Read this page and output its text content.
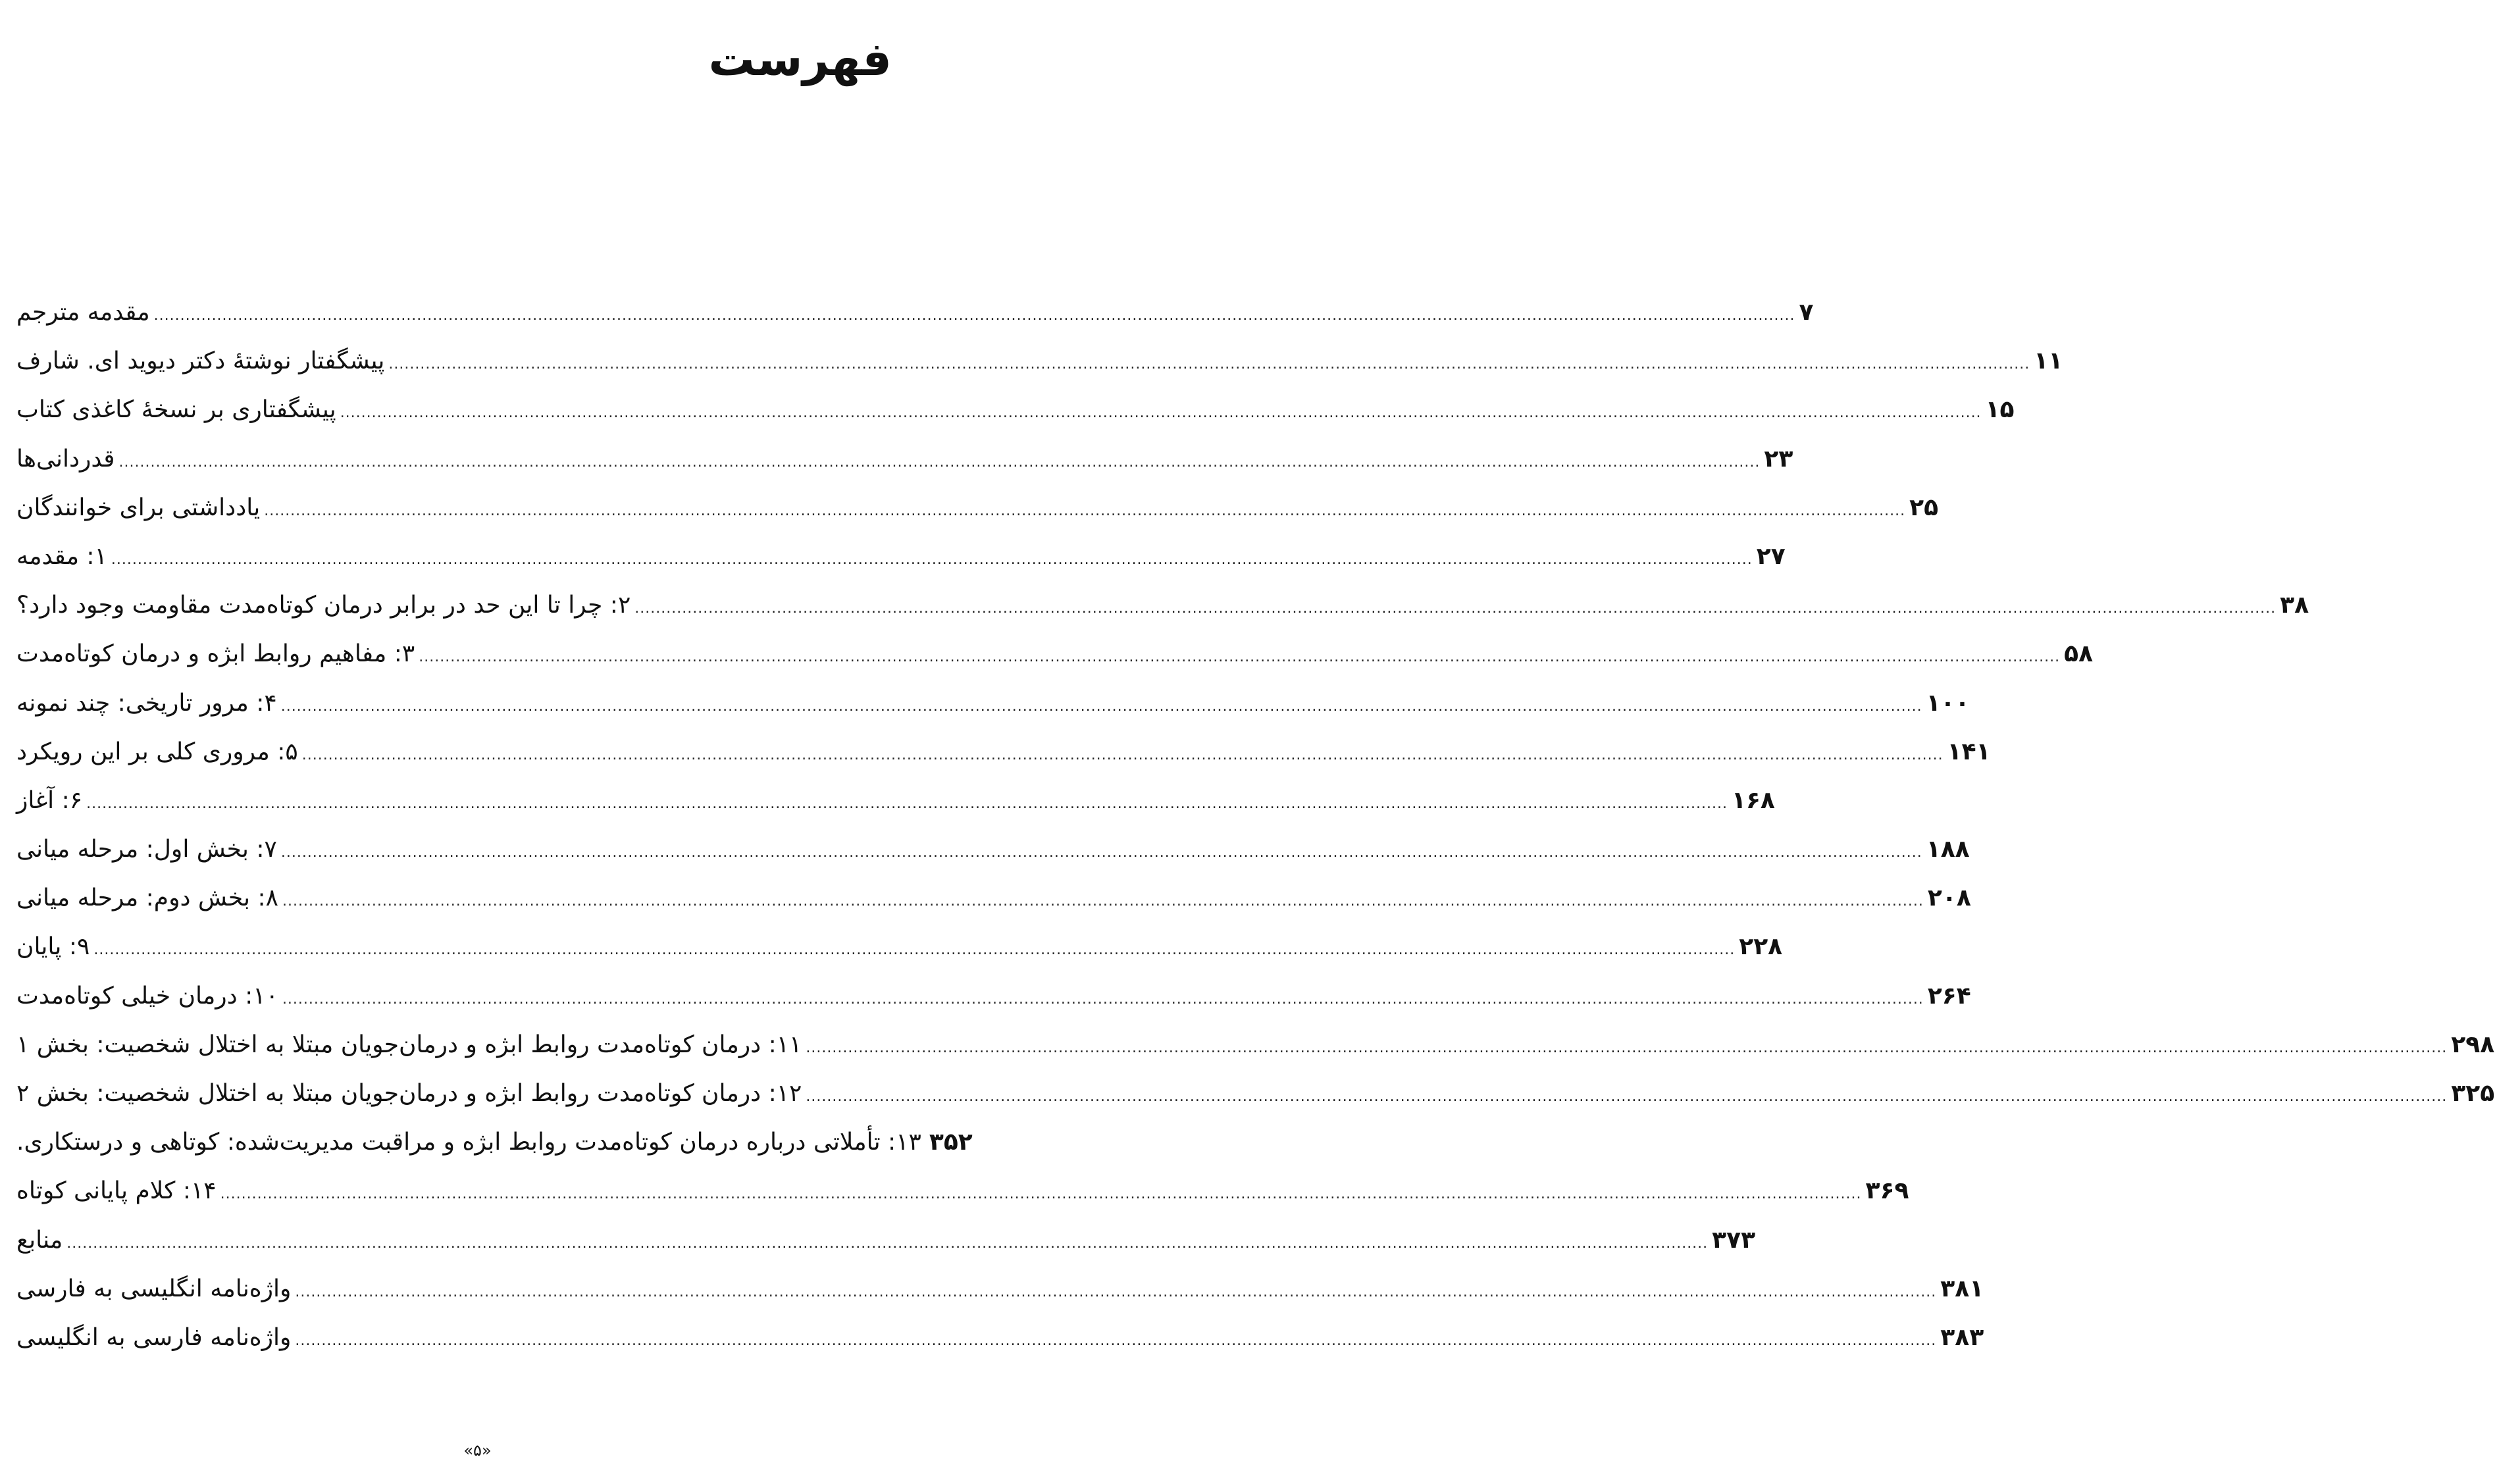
فهرست
مقدمه مترجم .....	۷
پیشگفتار نوشتهٔ دکتر دیوید ای. شارف .....	۱۱
پیشگفتاری بر نسخهٔ کاغذی کتاب .....	۱۵
قدردانی‌ها .....	۲۳
یادداشتی برای خوانندگان .....	۲۵
۱: مقدمه .....	۲۷
۲: چرا تا این حد در برابر درمان کوتاه‌مدت مقاومت وجود دارد؟ .....	۳۸
۳: مفاهیم روابط ابژه و درمان کوتاه‌مدت .....	۵۸
۴: مرور تاریخی: چند نمونه .....	۱۰۰
۵: مروری کلی بر این رویکرد .....	۱۴۱
۶: آغاز .....	۱۶۸
۷: بخش اول: مرحله میانی .....	۱۸۸
۸: بخش دوم: مرحله میانی .....	۲۰۸
۹: پایان .....	۲۲۸
۱۰: درمان خیلی کوتاه‌مدت .....	۲۶۴
۱۱: درمان کوتاه‌مدت روابط ابژه و درمان‌جویان مبتلا به اختلال شخصیت: بخش ۱ .....	۲۹۸
۱۲: درمان کوتاه‌مدت روابط ابژه و درمان‌جویان مبتلا به اختلال شخصیت: بخش ۲ .....	۳۲۵
۱۳: تأملاتی درباره درمان کوتاه‌مدت روابط ابژه و مراقبت مدیریت‌شده: کوتاهی و درستکاری. ۳۵۲
۱۴: کلام پایانی کوتاه .....	۳۶۹
منابع .....	۳۷۳
واژه‌نامه انگلیسی به فارسی .....	۳۸۱
واژه‌نامه فارسی به انگلیسی .....	۳۸۳
«۵»
